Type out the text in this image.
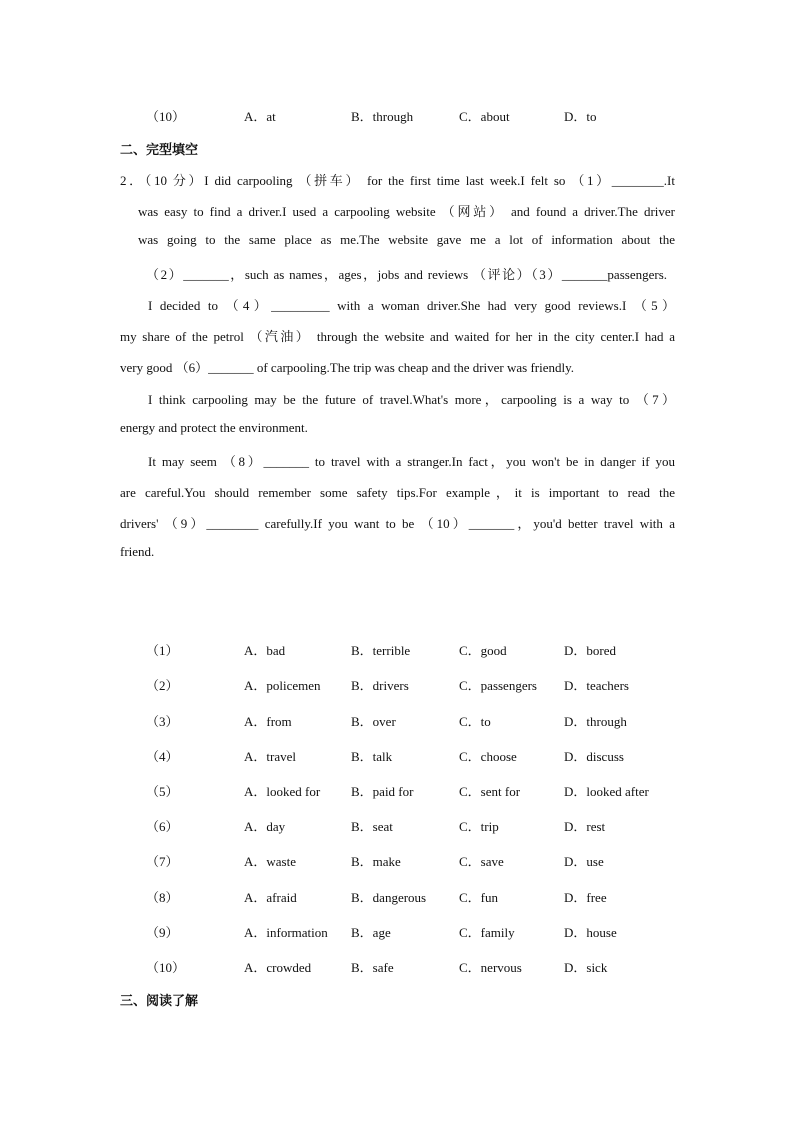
（10）	A．at	B．through	C．about	D．to
二、完型填空
2．（10 分）I did carpooling （拼车） for the first time last week.I felt so （1）________.It
was easy to find a driver.I used a carpooling website （网站） and found a driver.The driver
was going to the same place as me.The website gave me a lot of information about the
（2）_______，such as names，ages，jobs and reviews （评论）（3）_______passengers.
I decided to （4）_________ with a woman driver.She had very good reviews.I （5）
my share of the petrol （汽油） through the website and waited for her in the city center.I had a
very good （6）_______ of carpooling.The trip was cheap and the driver was friendly.
I think carpooling may be the future of travel.What's more，carpooling is a way to （7）
energy and protect the environment.
It may seem （8）_______ to travel with a stranger.In fact，you won't be in danger if you
are careful.You should remember some safety tips.For example，it is important to read the
drivers' （9）________ carefully.If you want to be （10）_______，you'd better travel with a
friend.
（1）	A．bad	B．terrible	C．good	D．bored
（2）	A．policemen B．drivers	C．passengers D．teachers
（3）	A．from	B．over	C．to	D．through
（4）	A．travel	B．talk	C．choose	D．discuss
（5）	A．looked for B．paid for	C．sent for	D．looked after
（6）	A．day	B．seat	C．trip	D．rest
（7）	A．waste	B．make	C．save	D．use
（8）	A．afraid	B．dangerous	C．fun	D．free
（9）	A．information B．age	C．family	D．house
（10）	A．crowded	B．safe	C．nervous	D．sick
三、阅读了解
